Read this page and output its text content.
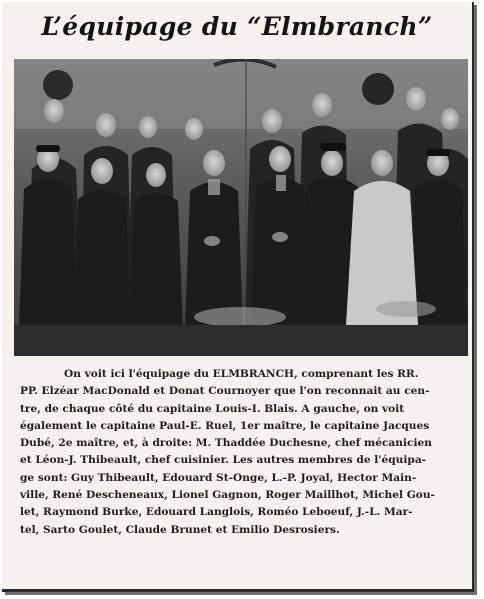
L’équipage du “Elmbranch”

On voit ici l'équipage du ELMBRANCH, comprenant les RR.
PP. Elzéar MacDonald et Donat Cournoyer que l'on reconnait au cen-
tre, de chaque côté du capitaine Louis-I. Blais. A gauche, on voit
également le capitaine Paul-E. Ruel, 1er maître, le capitaine Jacques
Dubé, 2e maître, et, à droite: M. Thaddée Duchesne, chef mécanicien
et Léon-J. Thibeault, chef cuisinier. Les autres membres de l'équipa-
ge sont: Guy Thibeault, Edouard St-Onge, L.-P. Joyal, Hector Main-
ville, René Descheneaux, Lionel Gagnon, Roger Maillhot, Michel Gou-
let, Raymond Burke, Edouard Langlois, Roméo Leboeuf, J.-L. Mar-
tel, Sarto Goulet, Claude Brunet et Emilio Desrosiers.
